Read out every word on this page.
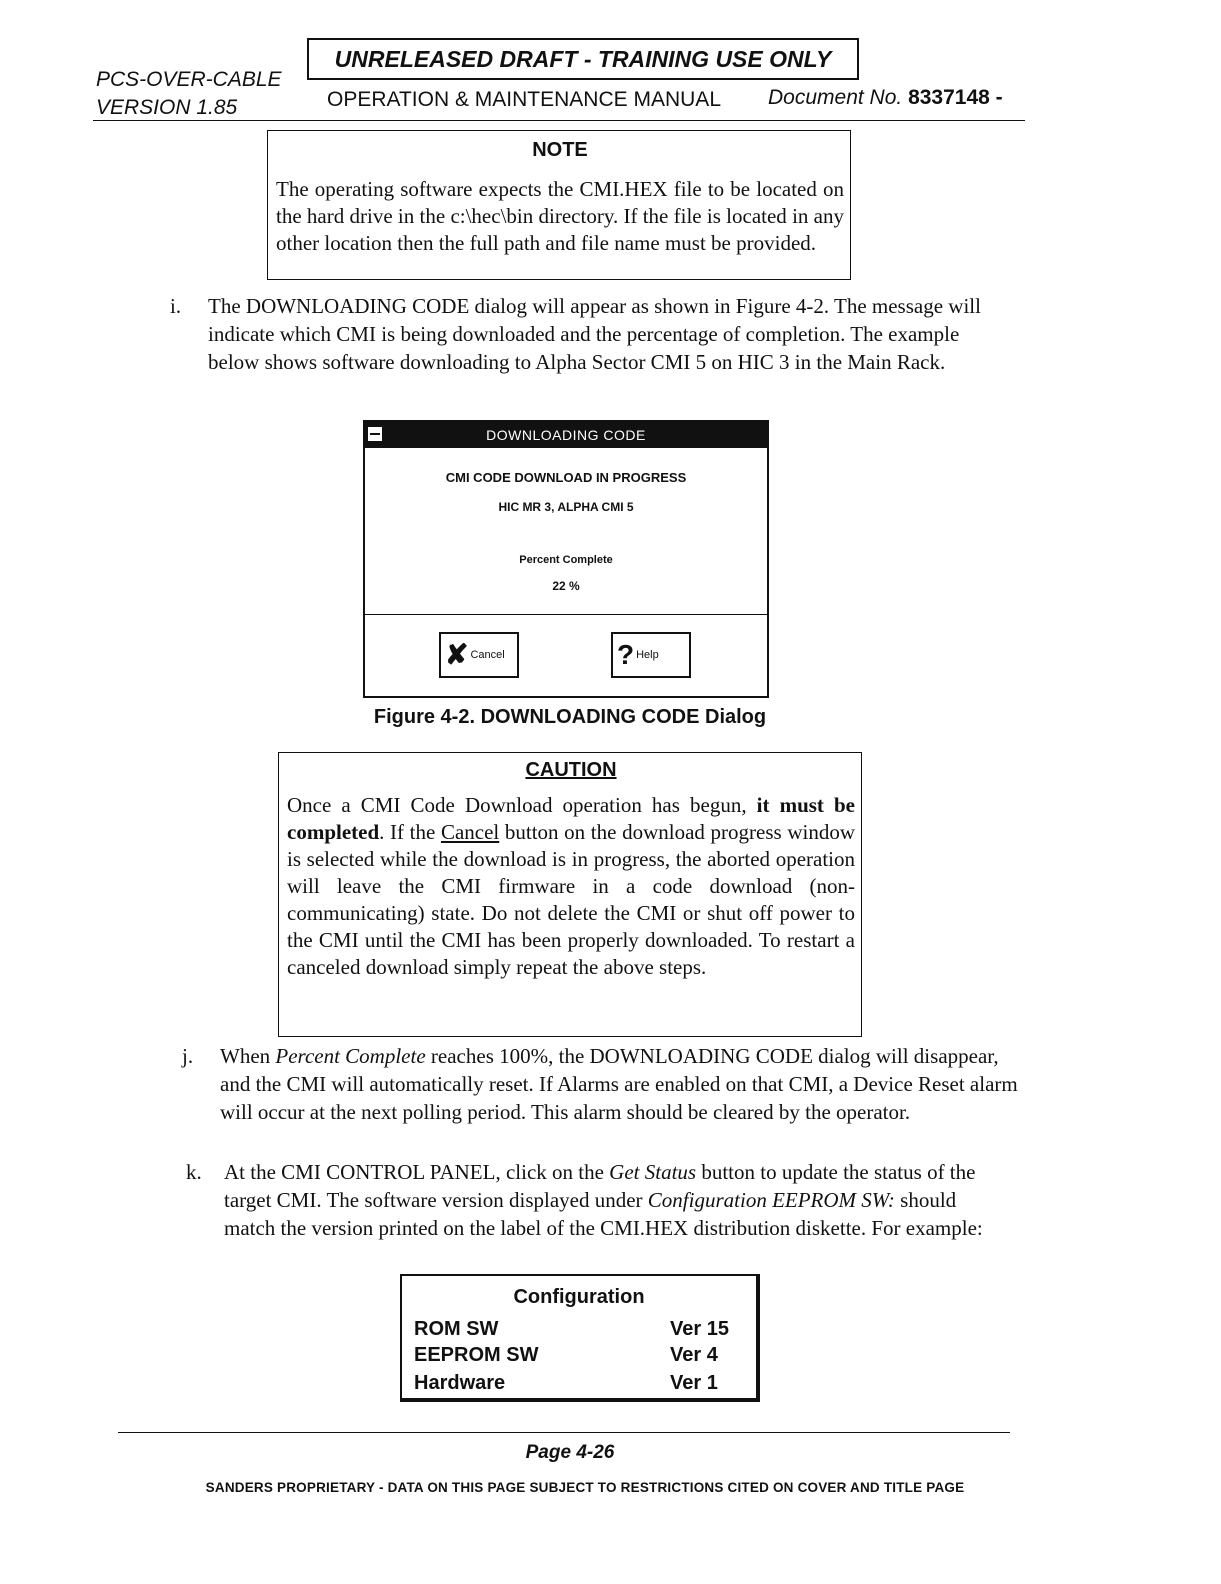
PCS-OVER-CABLE
VERSION 1.85
UNRELEASED DRAFT - TRAINING USE ONLY
OPERATION & MAINTENANCE MANUAL Document No. 8337148 -
NOTE
The operating software expects the CMI.HEX file to be located on the hard drive in the c:\hec\bin directory. If the file is located in any other location then the full path and file name must be provided.
i. The DOWNLOADING CODE dialog will appear as shown in Figure 4-2. The message will indicate which CMI is being downloaded and the percentage of completion. The example below shows software downloading to Alpha Sector CMI 5 on HIC 3 in the Main Rack.
DOWNLOADING CODE
CMI CODE DOWNLOAD IN PROGRESS
HIC MR 3, ALPHA CMI 5
Percent Complete
22 %
✘ Cancel	? Help
Figure 4-2. DOWNLOADING CODE Dialog
CAUTION
Once a CMI Code Download operation has begun, it must be completed. If the Cancel button on the download progress window is selected while the download is in progress, the aborted operation will leave the CMI firmware in a code download (non-communicating) state. Do not delete the CMI or shut off power to the CMI until the CMI has been properly downloaded. To restart a canceled download simply repeat the above steps.
j. When Percent Complete reaches 100%, the DOWNLOADING CODE dialog will disappear, and the CMI will automatically reset. If Alarms are enabled on that CMI, a Device Reset alarm will occur at the next polling period. This alarm should be cleared by the operator.
k. At the CMI CONTROL PANEL, click on the Get Status button to update the status of the target CMI. The software version displayed under Configuration EEPROM SW: should match the version printed on the label of the CMI.HEX distribution diskette. For example:
Configuration
ROM SW	Ver 15
EEPROM SW	Ver 4
Hardware	Ver 1
Page 4-26
SANDERS PROPRIETARY - DATA ON THIS PAGE SUBJECT TO RESTRICTIONS CITED ON COVER AND TITLE PAGE
